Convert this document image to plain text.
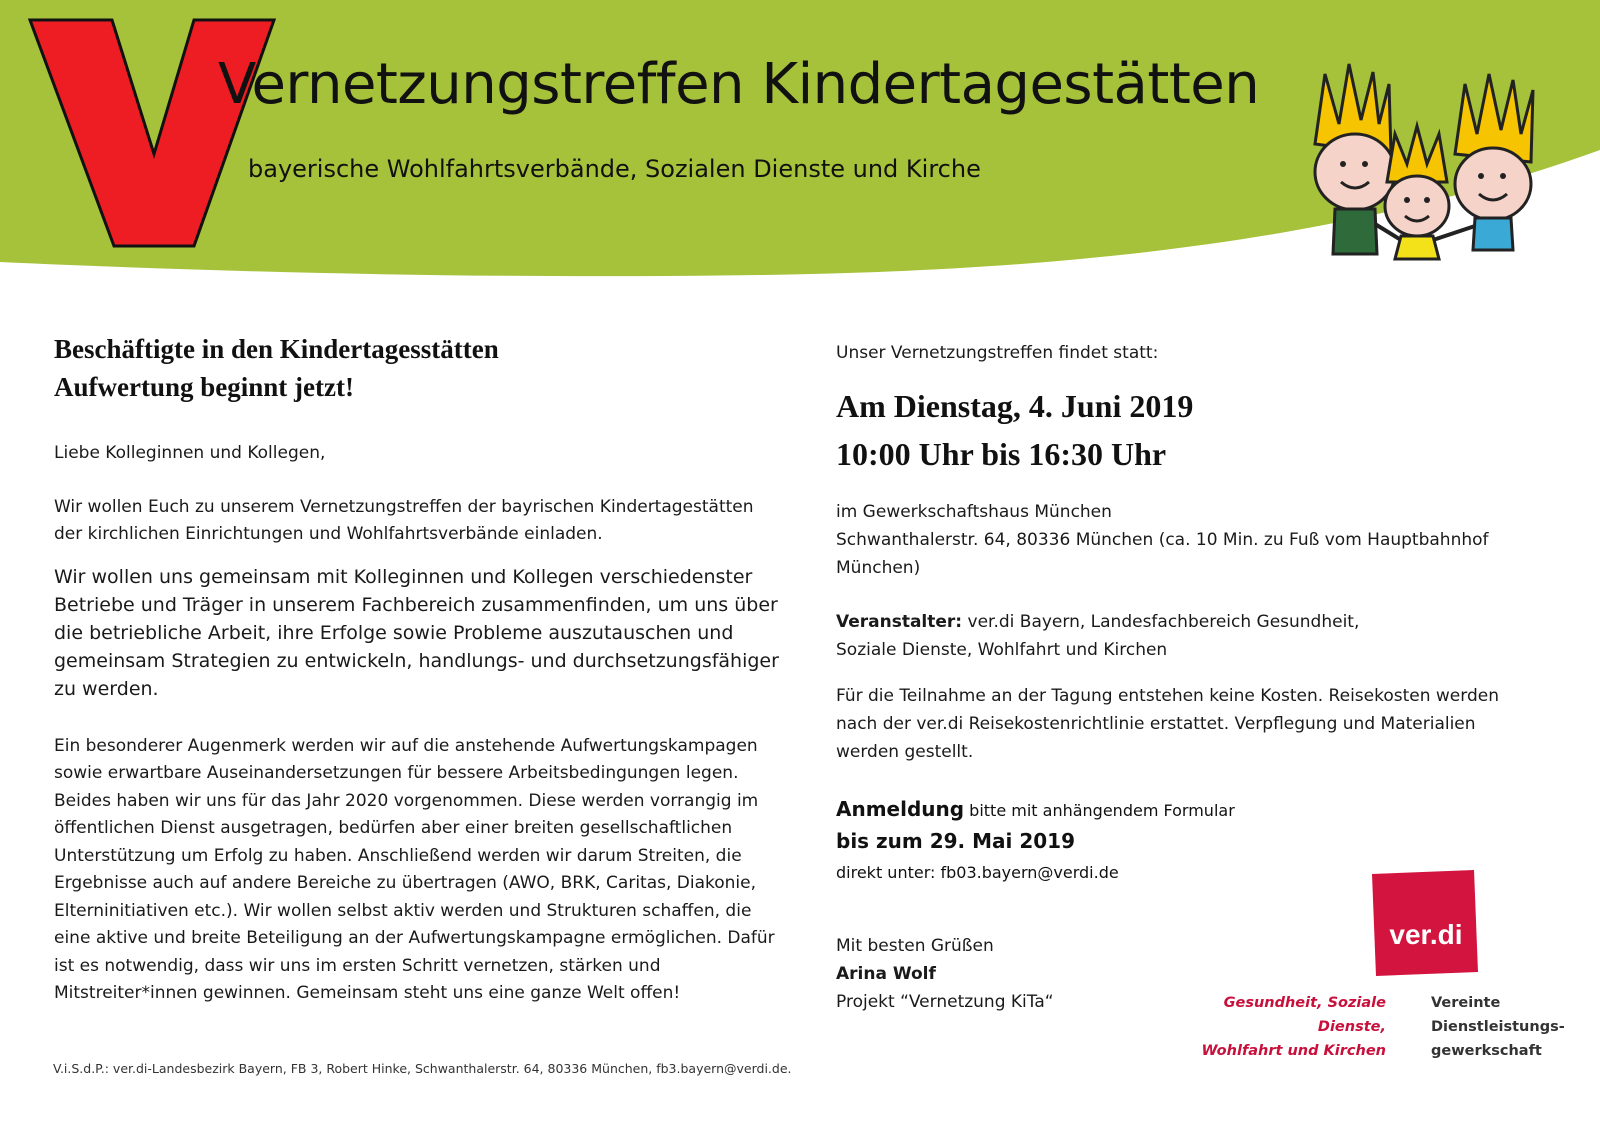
Vernetzungstreffen Kindertagestätten
bayerische Wohlfahrtsverbände, Sozialen Dienste und Kirche

Beschäftigte in den Kindertagesstätten

Aufwertung beginnt jetzt!

Liebe Kolleginnen und Kollegen,

Wir wollen Euch zu unserem Vernetzungstreffen der bayrischen Kindertagestätten der kirchlichen Einrichtungen und Wohlfahrtsverbände einladen.

Wir wollen uns gemeinsam mit Kolleginnen und Kollegen verschiedenster Betriebe und Träger in unserem Fachbereich zusammenfinden, um uns über die betriebliche Arbeit, ihre Erfolge sowie Probleme auszutauschen und gemeinsam Strategien zu entwickeln, handlungs- und durchsetzungsfähiger zu werden.

Ein besonderer Augenmerk werden wir auf die anstehende Aufwertungskampagen sowie erwartbare Auseinandersetzungen für bessere Arbeitsbedingungen legen. Beides haben wir uns für das Jahr 2020 vorgenommen. Diese werden vorrangig im öffentlichen Dienst ausgetragen, bedürfen aber einer breiten gesellschaftlichen Unterstützung um Erfolg zu haben. Anschließend werden wir darum Streiten, die Ergebnisse auch auf andere Bereiche zu übertragen (AWO, BRK, Caritas, Diakonie, Elterninitiativen etc.). Wir wollen selbst aktiv werden und Strukturen schaffen, die eine aktive und breite Beteiligung an der Aufwertungskampagne ermöglichen. Dafür ist es notwendig, dass wir uns im ersten Schritt vernetzen, stärken und Mitstreiter*innen gewinnen. Gemeinsam steht uns eine ganze Welt offen!

Unser Vernetzungstreffen findet statt:

Am Dienstag, 4. Juni 2019

10:00 Uhr bis 16:30 Uhr

im Gewerkschaftshaus München

Schwanthalerstr. 64, 80336 München (ca. 10 Min. zu Fuß vom Hauptbahnhof München)

Veranstalter: ver.di Bayern, Landesfachbereich Gesundheit,

Soziale Dienste, Wohlfahrt und Kirchen

Für die Teilnahme an der Tagung entstehen keine Kosten. Reisekosten werden nach der ver.di Reisekostenrichtlinie erstattet. Verpflegung und Materialien werden gestellt.

Anmeldung bitte mit anhängendem Formular

bis zum 29. Mai 2019

direkt unter: fb03.bayern@verdi.de

Mit besten Grüßen

Arina Wolf

Projekt “Vernetzung KiTa“

ver.di
Gesundheit, Soziale Dienste,
Wohlfahrt und Kirchen
Vereinte
Dienstleistungs-
gewerkschaft
V.i.S.d.P.: ver.di-Landesbezirk Bayern, FB 3, Robert Hinke, Schwanthalerstr. 64, 80336 München, fb3.bayern@verdi.de.
